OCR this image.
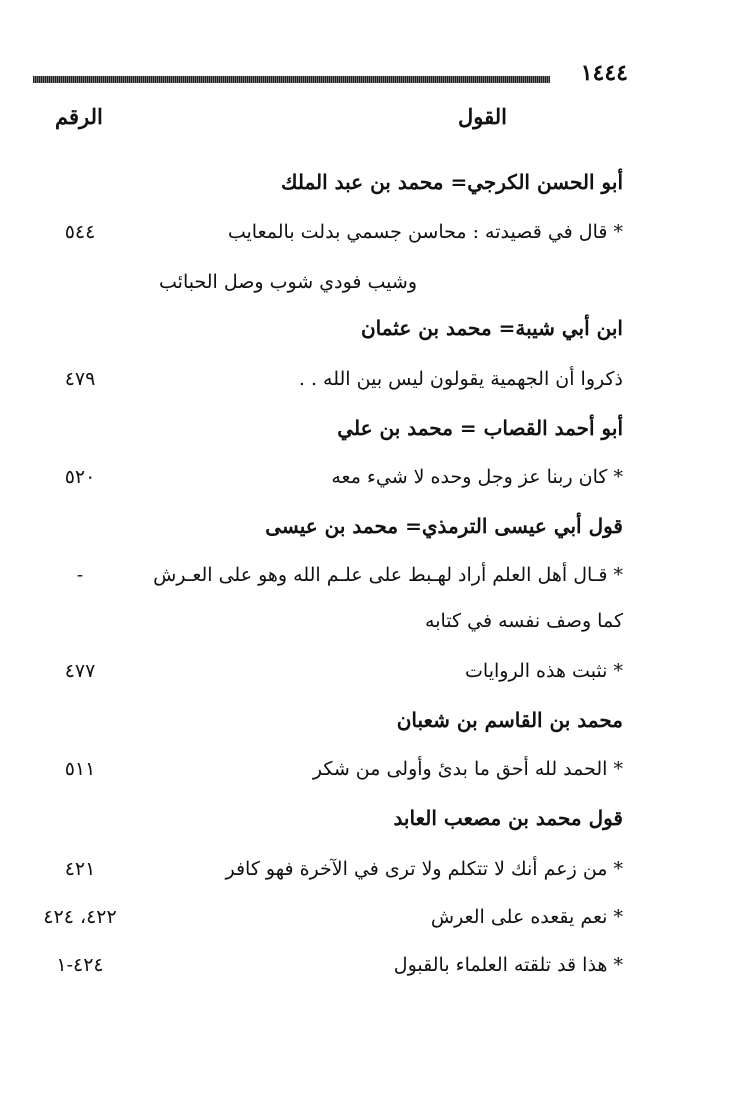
١٤٤٤
القول
الرقم
أبو الحسن الكرجي= محمد بن عبد الملك
* قال في قصيدته : محاسن جسمي بدلت بالمعايب
٥٤٤
وشيب فودي شوب وصل الحبائب
ابن أبي شيبة= محمد بن عثمان
ذكروا أن الجهمية يقولون ليس بين الله . .
٤٧٩
أبو أحمد القصاب = محمد بن علي
* كان ربنا عز وجل وحده لا شيء معه
٥٢٠
قول أبي عيسى الترمذي= محمد بن عيسى
* قـال أهل العلم أراد لهـبط على علـم الله وهو على العـرش
-
كما وصف نفسه في كتابه
* نثبت هذه الروايات
٤٧٧
محمد بن القاسم بن شعبان
* الحمد لله أحق ما بدئ وأولى من شكر
٥١١
قول محمد بن مصعب العابد
* من زعم أنك لا تتكلم ولا ترى في الآخرة فهو كافر
٤٢١
* نعم يقعده على العرش
٤٢٢، ٤٢٤
* هذا قد تلقته العلماء بالقبول
٤٢٤-١
